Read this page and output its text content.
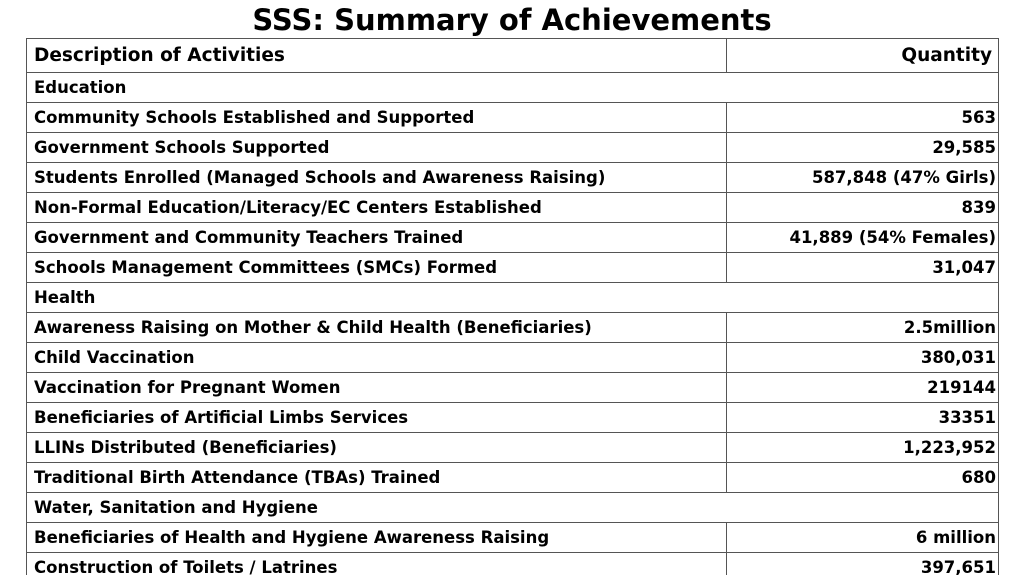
SSS: Summary of Achievements
Description of Activities	Quantity
Education	
Community Schools Established and Supported	563
Government Schools Supported	29,585
Students Enrolled (Managed Schools and Awareness Raising)	587,848 (47% Girls)
Non-Formal Education/Literacy/EC Centers Established	839
Government and Community Teachers Trained	41,889 (54% Females)
Schools Management Committees (SMCs) Formed	31,047
Health	
Awareness Raising on Mother & Child Health (Beneficiaries)	2.5million
Child Vaccination	380,031
Vaccination for Pregnant Women	219144
Beneficiaries of Artificial Limbs Services	33351
LLINs Distributed (Beneficiaries)	1,223,952
Traditional Birth Attendance (TBAs) Trained	680
Water, Sanitation and Hygiene	
Beneficiaries of Health and Hygiene Awareness Raising	6 million
Construction of Toilets / Latrines	397,651
